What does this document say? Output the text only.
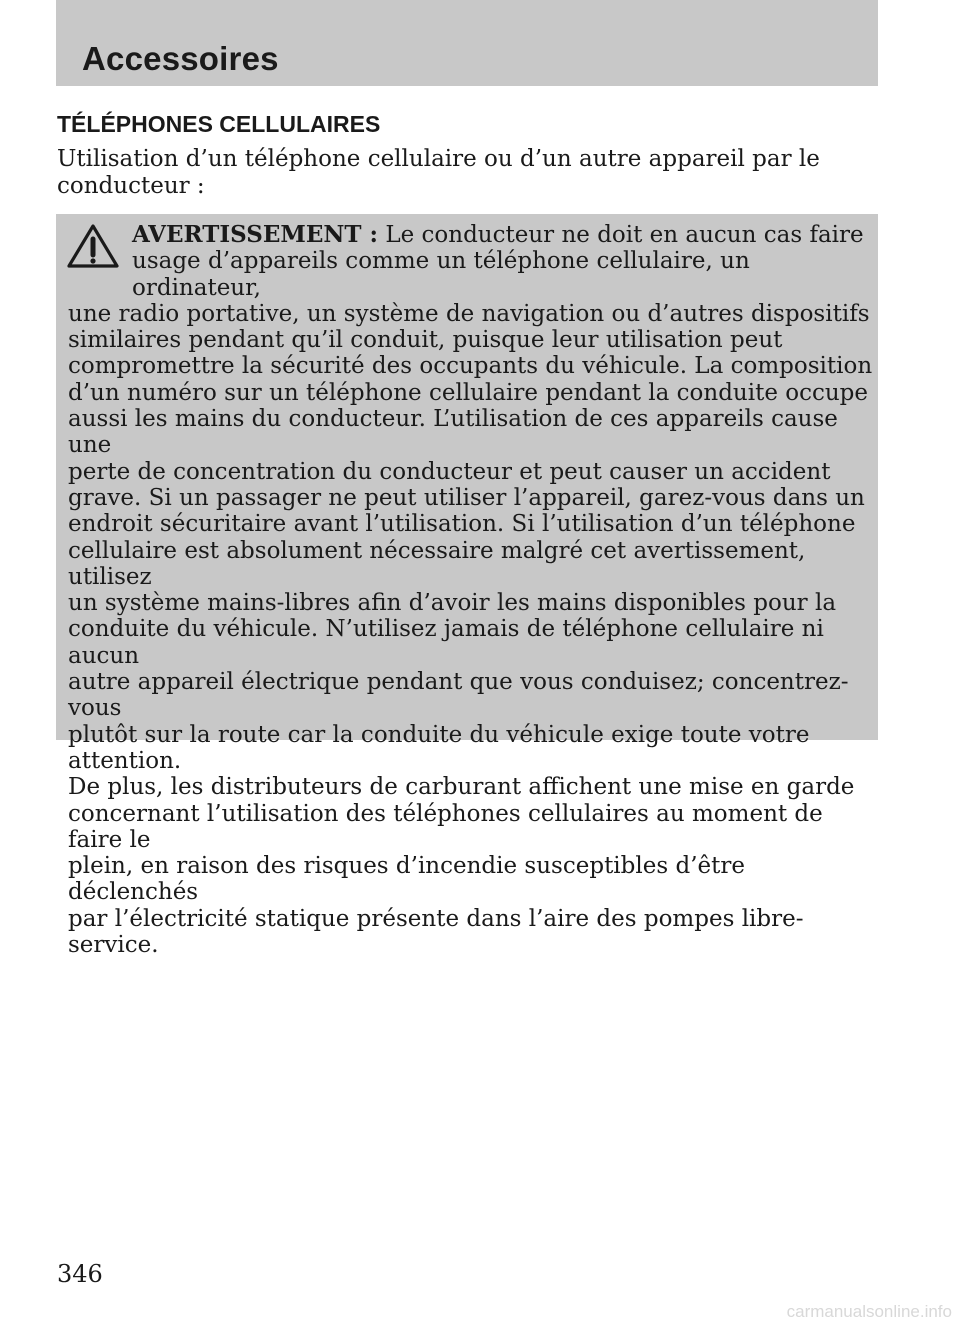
Accessoires
TÉLÉPHONES CELLULAIRES
Utilisation d’un téléphone cellulaire ou d’un autre appareil par le
conducteur :
AVERTISSEMENT : Le conducteur ne doit en aucun cas faire
usage d’appareils comme un téléphone cellulaire, un ordinateur,
une radio portative, un système de navigation ou d’autres dispositifs
similaires pendant qu’il conduit, puisque leur utilisation peut
compromettre la sécurité des occupants du véhicule. La composition
d’un numéro sur un téléphone cellulaire pendant la conduite occupe
aussi les mains du conducteur. L’utilisation de ces appareils cause une
perte de concentration du conducteur et peut causer un accident
grave. Si un passager ne peut utiliser l’appareil, garez-vous dans un
endroit sécuritaire avant l’utilisation. Si l’utilisation d’un téléphone
cellulaire est absolument nécessaire malgré cet avertissement, utilisez
un système mains-libres afin d’avoir les mains disponibles pour la
conduite du véhicule. N’utilisez jamais de téléphone cellulaire ni aucun
autre appareil électrique pendant que vous conduisez; concentrez-vous
plutôt sur la route car la conduite du véhicule exige toute votre
attention.
De plus, les distributeurs de carburant affichent une mise en garde
concernant l’utilisation des téléphones cellulaires au moment de faire le
plein, en raison des risques d’incendie susceptibles d’être déclenchés
par l’électricité statique présente dans l’aire des pompes libre-service.
346
carmanualsonline.info
